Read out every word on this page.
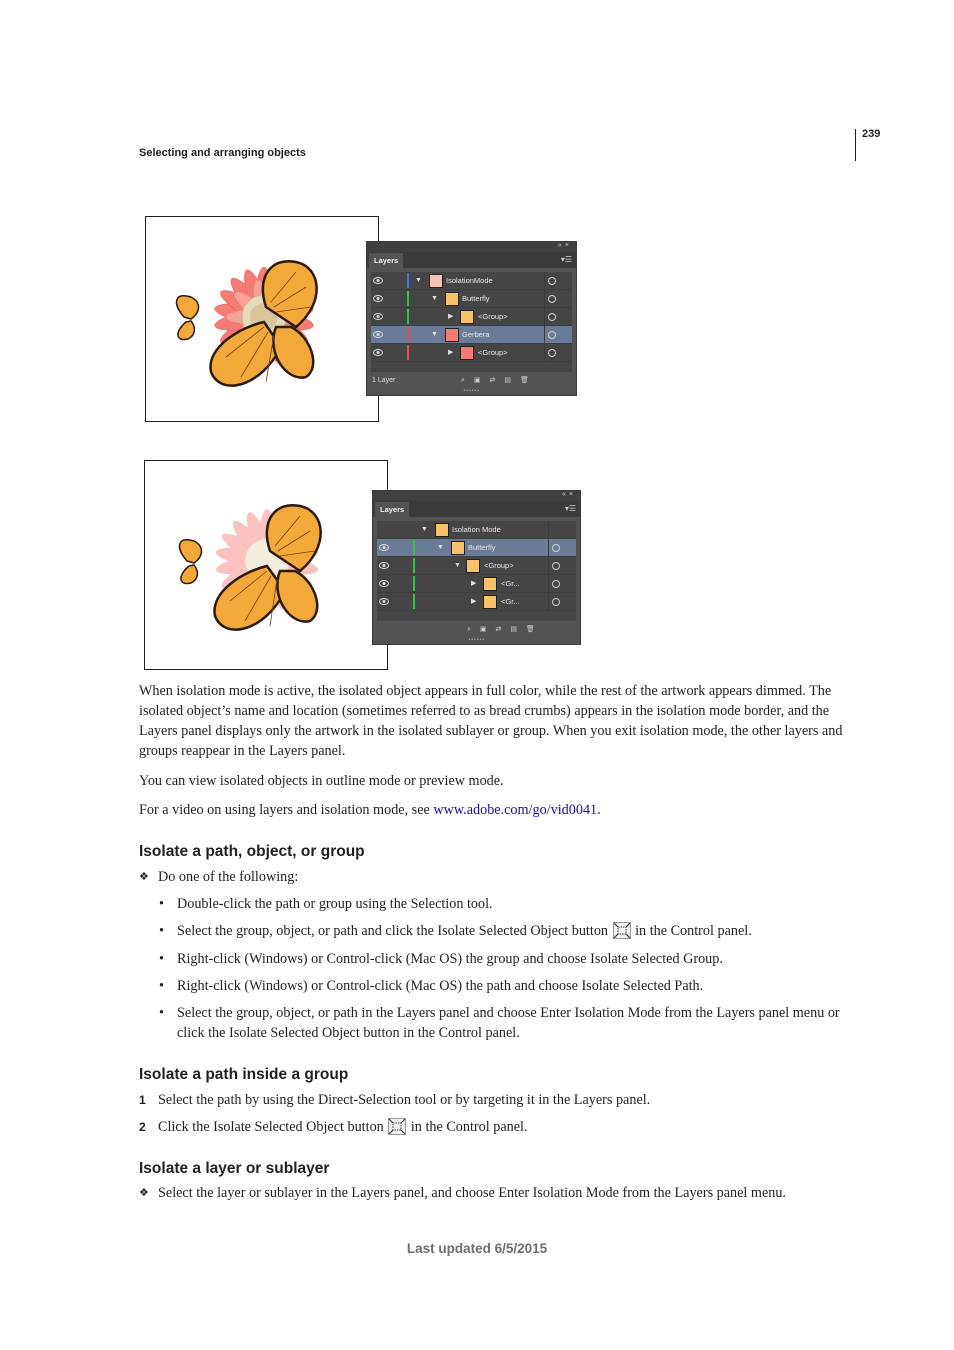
239
Selecting and arranging objects
«×
Layers	▾☰
▼	IsolationMode
▼	Butterfly
▶	<Group>
▼	Gerbera
▶	<Group>
1 Layer	⌕▣⇄▤🗑
••••••
«×
Layers	▾☰
▼	Isolation Mode
▼	Butterfly
▼	<Group>
▶	<Gr...
▶	<Gr...
⌕▣⇄▤🗑
••••••
When isolation mode is active, the isolated object appears in full color, while the rest of the artwork appears dimmed. The isolated object’s name and location (sometimes referred to as bread crumbs) appears in the isolation mode border, and the Layers panel displays only the artwork in the isolated sublayer or group. When you exit isolation mode, the other layers and groups reappear in the Layers panel.
You can view isolated objects in outline mode or preview mode.
For a video on using layers and isolation mode, see www.adobe.com/go/vid0041.
Isolate a path, object, or group
❖ Do one of the following:
• Double-click the path or group using the Selection tool.
• Select the group, object, or path and click the Isolate Selected Object button in the Control panel.
• Right-click (Windows) or Control-click (Mac OS) the group and choose Isolate Selected Group.
• Right-click (Windows) or Control-click (Mac OS) the path and choose Isolate Selected Path.
• Select the group, object, or path in the Layers panel and choose Enter Isolation Mode from the Layers panel menu or click the Isolate Selected Object button in the Control panel.
Isolate a path inside a group
1 Select the path by using the Direct-Selection tool or by targeting it in the Layers panel.
2 Click the Isolate Selected Object button in the Control panel.
Isolate a layer or sublayer
❖ Select the layer or sublayer in the Layers panel, and choose Enter Isolation Mode from the Layers panel menu.
Last updated 6/5/2015
